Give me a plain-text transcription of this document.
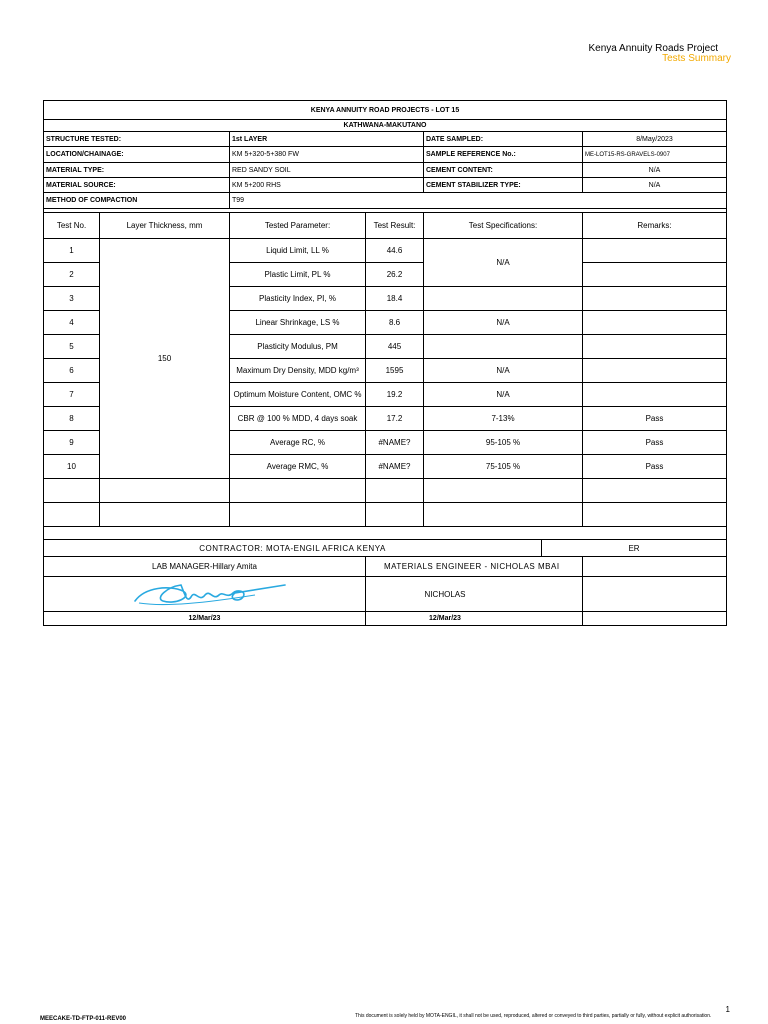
Kenya Annuity Roads Project
Tests Summary
KENYA ANNUITY ROAD PROJECTS - LOT 15						
KATHWANA-MAKUTANO						
STRUCTURE TESTED:		1st LAYER		DATE SAMPLED:		8/May/2023
LOCATION/CHAINAGE:		KM 5+320-5+380 FW		SAMPLE REFERENCE No.:		ME-LOT15-RS-GRAVELS-0907
MATERIAL TYPE:		RED SANDY SOIL		CEMENT CONTENT:		N/A
MATERIAL SOURCE:		KM 5+200 RHS		CEMENT STABILIZER TYPE:		N/A
METHOD OF COMPACTION		T99				

Test No.	Layer Thickness, mm	Tested Parameter:	Test Result:	Test Specifications:		Remarks:
1	150	Liquid Limit, LL %	44.6	N/A		
2		Plastic Limit, PL %	26.2			
3		Plasticity Index, PI, %	18.4			
4		Linear Shrinkage, LS %	8.6	N/A		
5		Plasticity Modulus, PM	445			
6		Maximum Dry Density, MDD kg/m³	1595	N/A		
7		Optimum Moisture Content, OMC %	19.2	N/A		
8		CBR @ 100 % MDD, 4 days soak	17.2	7-13%		Pass
9		Average RC, %	#NAME?	95-105 %		Pass
10		Average RMC, %	#NAME?	75-105 %		Pass

CONTRACTOR: MOTA-ENGIL AFRICA KENYA					ER	
LAB MANAGER-Hillary Amita			MATERIALS ENGINEER - NICHOLAS MBAI			

	NICHOLAS			
12/Mar/23			12/Mar/23			
1
MEECAKE-TD-FTP-011-REV00	This document is solely held by MOTA-ENGIL, it shall not be used, reproduced, altered or conveyed to third parties, partially or fully, without explicit authorisation.
